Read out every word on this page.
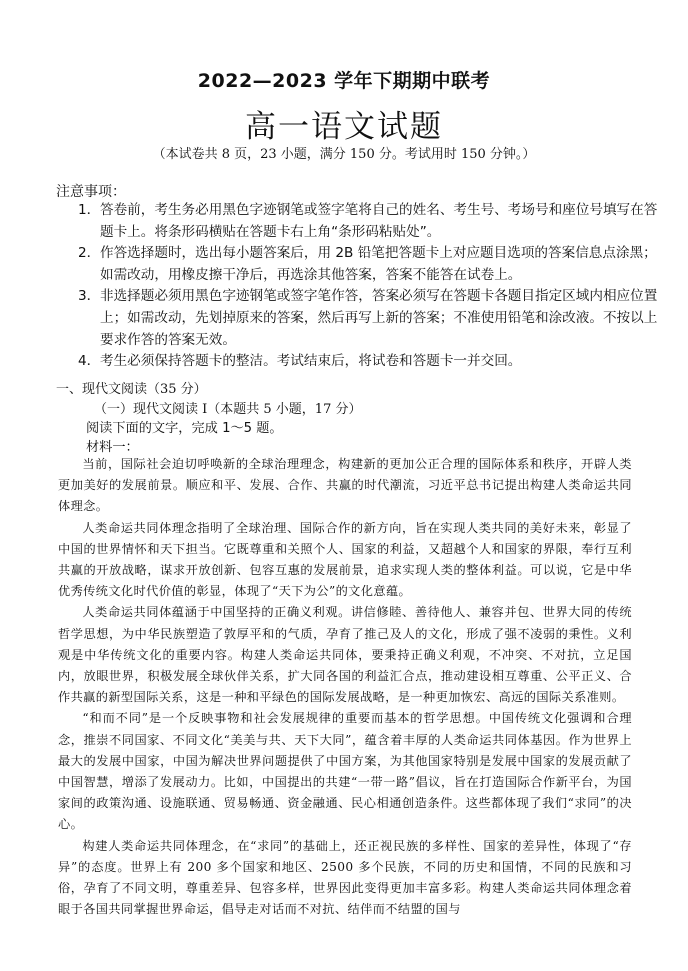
2022—2023 学年下期期中联考
高一语文试题
（本试卷共 8 页，23 小题，满分 150 分。考试用时 150 分钟。）
注意事项：
1． 答卷前，考生务必用黑色字迹钢笔或签字笔将自己的姓名、考生号、考场号和座位号填写在答题卡上。将条形码横贴在答题卡右上角“条形码粘贴处”。
2． 作答选择题时，选出每小题答案后，用 2B 铅笔把答题卡上对应题目选项的答案信息点涂黑；如需改动，用橡皮擦干净后，再选涂其他答案，答案不能答在试卷上。
3． 非选择题必须用黑色字迹钢笔或签字笔作答，答案必须写在答题卡各题目指定区域内相应位置上；如需改动，先划掉原来的答案，然后再写上新的答案；不准使用铅笔和涂改液。不按以上要求作答的答案无效。
4． 考生必须保持答题卡的整洁。考试结束后，将试卷和答题卡一并交回。
一、现代文阅读（35 分）
（一）现代文阅读 I（本题共 5 小题，17 分）
阅读下面的文字，完成 1～5 题。
材料一：

当前，国际社会迫切呼唤新的全球治理理念，构建新的更加公正合理的国际体系和秩序，开辟人类更加美好的发展前景。顺应和平、发展、合作、共赢的时代潮流，习近平总书记提出构建人类命运共同体理念。

人类命运共同体理念指明了全球治理、国际合作的新方向，旨在实现人类共同的美好未来，彰显了中国的世界情怀和天下担当。它既尊重和关照个人、国家的利益，又超越个人和国家的界限，奉行互利共赢的开放战略，谋求开放创新、包容互惠的发展前景，追求实现人类的整体利益。可以说，它是中华优秀传统文化时代价值的彰显，体现了“天下为公”的文化意蕴。

人类命运共同体蕴涵于中国坚持的正确义利观。讲信修睦、善待他人、兼容并包、世界大同的传统哲学思想，为中华民族塑造了敦厚平和的气质，孕育了推己及人的文化，形成了强不凌弱的秉性。义利观是中华传统文化的重要内容。构建人类命运共同体，要秉持正确义利观，不冲突、不对抗，立足国内，放眼世界，积极发展全球伙伴关系，扩大同各国的利益汇合点，推动建设相互尊重、公平正义、合作共赢的新型国际关系，这是一种和平绿色的国际发展战略，是一种更加恢宏、高远的国际关系准则。

“和而不同”是一个反映事物和社会发展规律的重要而基本的哲学思想。中国传统文化强调和合理念，推崇不同国家、不同文化“美美与共、天下大同”，蕴含着丰厚的人类命运共同体基因。作为世界上最大的发展中国家，中国为解决世界问题提供了中国方案，为其他国家特别是发展中国家的发展贡献了中国智慧，增添了发展动力。比如，中国提出的共建“一带一路”倡议，旨在打造国际合作新平台，为国家间的政策沟通、设施联通、贸易畅通、资金融通、民心相通创造条件。这些都体现了我们“求同”的决心。

构建人类命运共同体理念，在“求同”的基础上，还正视民族的多样性、国家的差异性，体现了“存异”的态度。世界上有 200 多个国家和地区、2500 多个民族，不同的历史和国情，不同的民族和习俗，孕育了不同文明，尊重差异、包容多样，世界因此变得更加丰富多彩。构建人类命运共同体理念着眼于各国共同掌握世界命运，倡导走对话而不对抗、结伴而不结盟的国与
